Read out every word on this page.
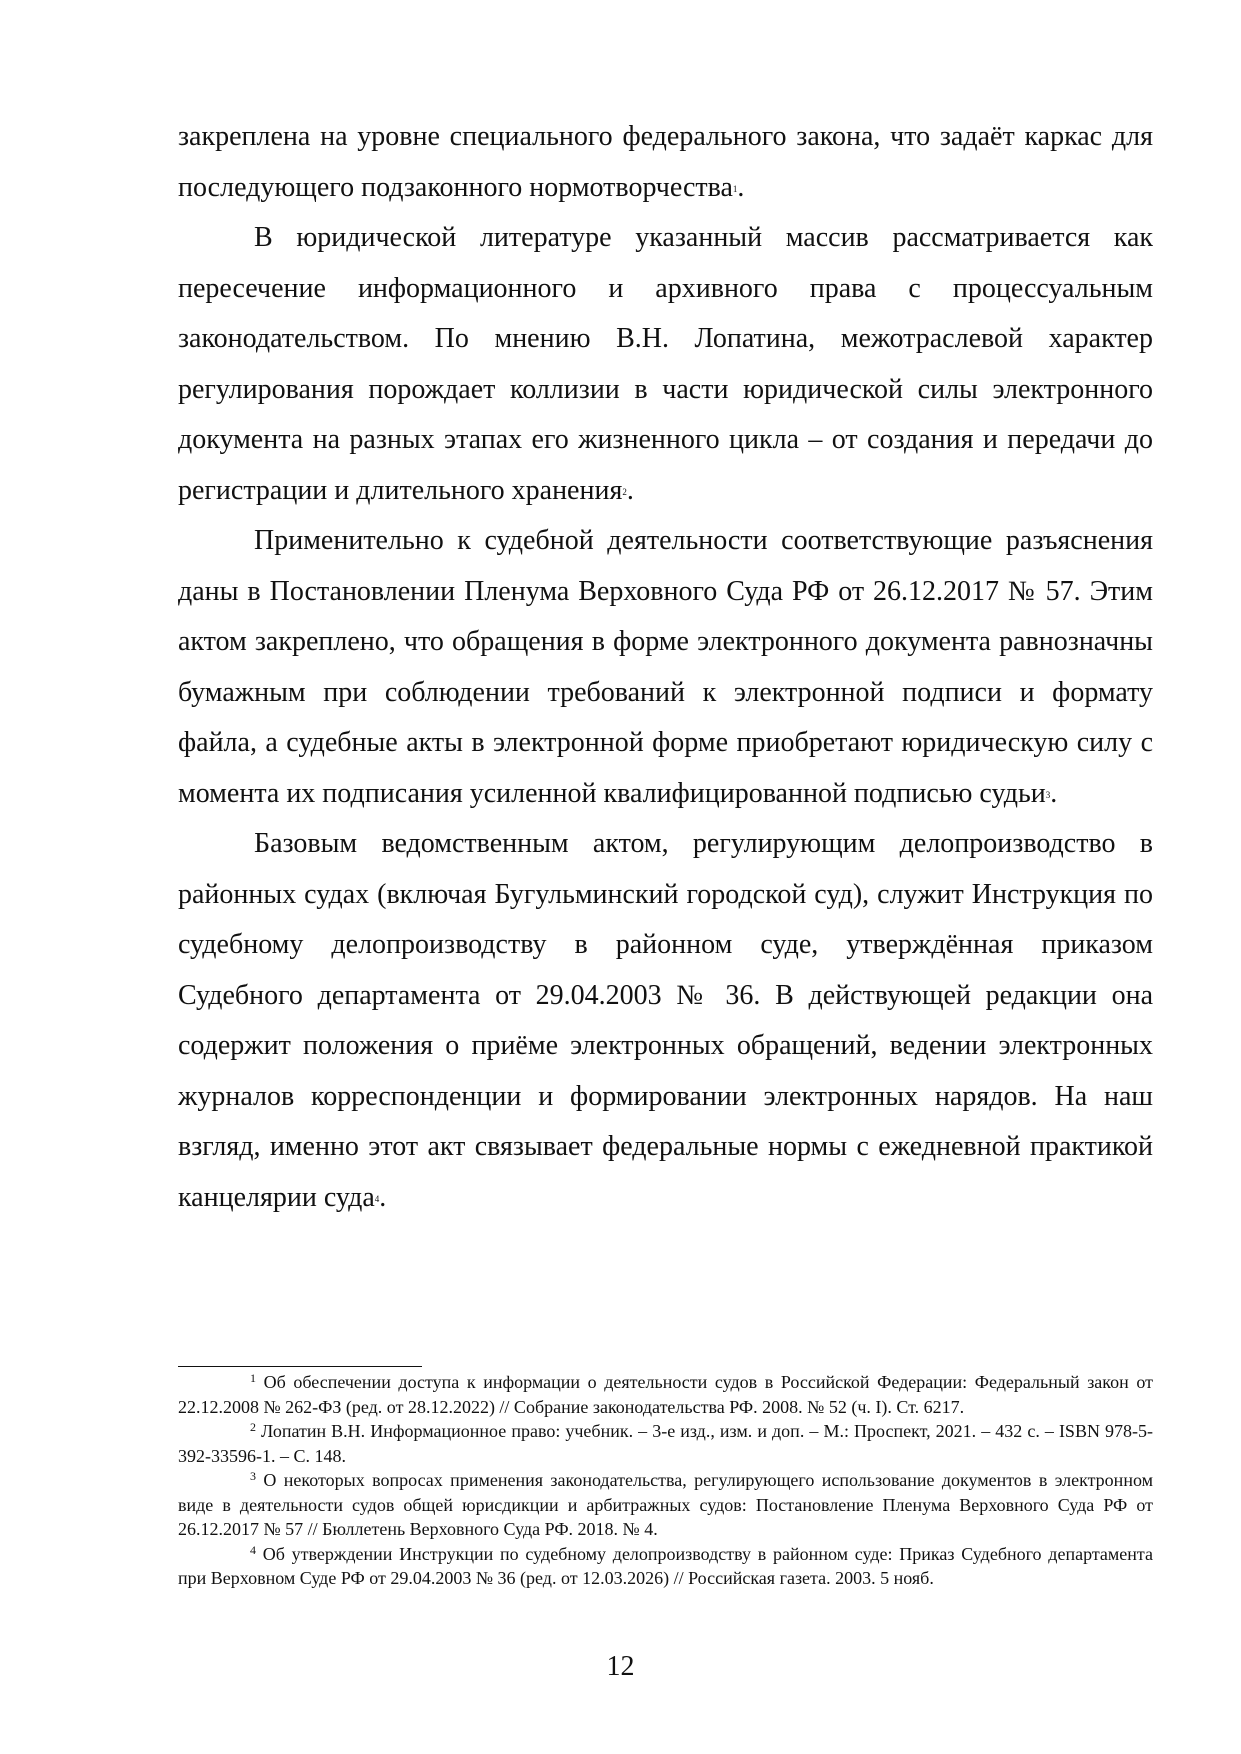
закреплена на уровне специального федерального закона, что задаёт каркас для последующего подзаконного нормотворчества$^1$.

В юридической литературе указанный массив рассматривается как пересечение информационного и архивного права с процессуальным законодательством. По мнению В.Н. Лопатина, межотраслевой характер регулирования порождает коллизии в части юридической силы электронного документа на разных этапах его жизненного цикла – от создания и передачи до регистрации и длительного хранения$^2$.

Применительно к судебной деятельности соответствующие разъяснения даны в Постановлении Пленума Верховного Суда РФ от 26.12.2017 № 57. Этим актом закреплено, что обращения в форме электронного документа равнозначны бумажным при соблюдении требований к электронной подписи и формату файла, а судебные акты в электронной форме приобретают юридическую силу с момента их подписания усиленной квалифицированной подписью судьи$^3$.

Базовым ведомственным актом, регулирующим делопроизводство в районных судах (включая Бугульминский городской суд), служит Инструкция по судебному делопроизводству в районном суде, утверждённая приказом Судебного департамента от 29.04.2003 № 36. В действующей редакции она содержит положения о приёме электронных обращений, ведении электронных журналов корреспонденции и формировании электронных нарядов. На наш взгляд, именно этот акт связывает федеральные нормы с ежедневной практикой канцелярии суда$^4$.

$^1$ Об обеспечении доступа к информации о деятельности судов в Российской Федерации: Федеральный закон от 22.12.2008 № 262-ФЗ (ред. от 28.12.2022) // Собрание законодательства РФ. 2008. № 52 (ч. I). Ст. 6217.

$^2$ Лопатин В.Н. Информационное право: учебник. – 3-е изд., изм. и доп. – М.: Проспект, 2021. – 432 с. – ISBN 978-5-392-33596-1. – С. 148.

$^3$ О некоторых вопросах применения законодательства, регулирующего использование документов в электронном виде в деятельности судов общей юрисдикции и арбитражных судов: Постановление Пленума Верховного Суда РФ от 26.12.2017 № 57 // Бюллетень Верховного Суда РФ. 2018. № 4.

$^4$ Об утверждении Инструкции по судебному делопроизводству в районном суде: Приказ Судебного департамента при Верховном Суде РФ от 29.04.2003 № 36 (ред. от 12.03.2026) // Российская газета. 2003. 5 нояб.

12
